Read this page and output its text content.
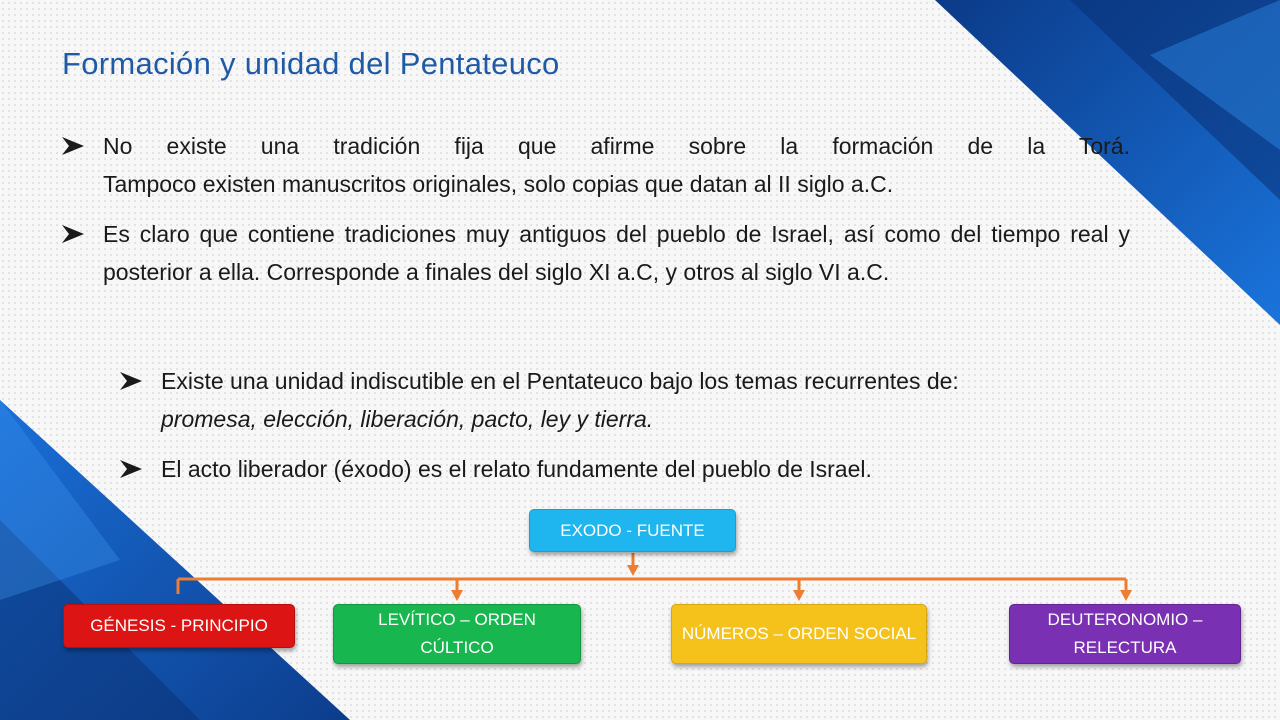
Formación y unidad del Pentateuco
No existe una tradición fija que afirme sobre la formación de la Torá.
Tampoco existen manuscritos originales, solo copias que datan al II siglo a.C.
Es claro que contiene tradiciones muy antiguos del pueblo de Israel, así como del tiempo real y posterior a ella. Corresponde a finales del siglo XI a.C, y otros al siglo VI a.C.
Existe una unidad indiscutible en el Pentateuco bajo los temas recurrentes de:
promesa, elección, liberación, pacto, ley y tierra.
El acto liberador (éxodo) es el relato fundamente del pueblo de Israel.
EXODO - FUENTE
GÉNESIS - PRINCIPIO	LEVÍTICO – ORDEN CÚLTICO
NÚMEROS – ORDEN SOCIAL
DEUTERONOMIO – RELECTURA
